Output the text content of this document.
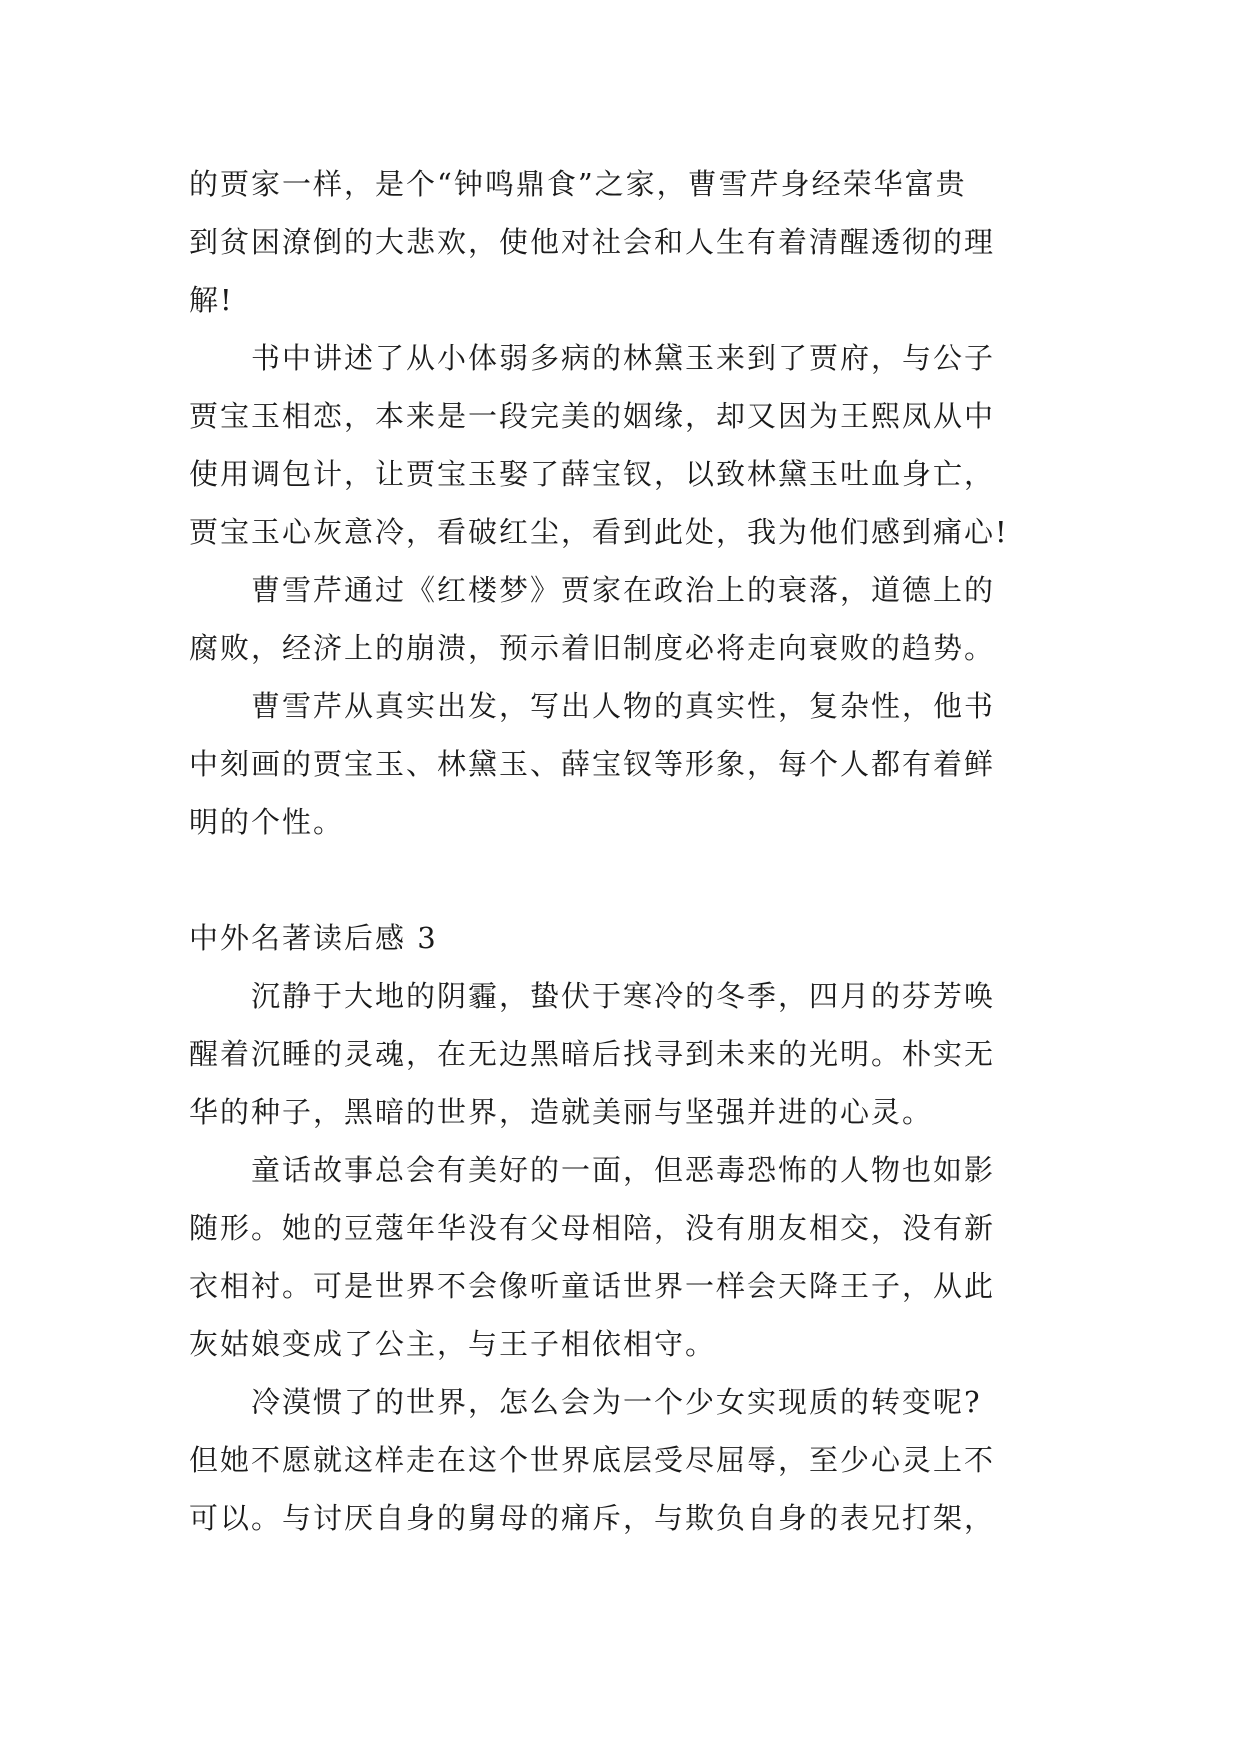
的贾家一样，是个“钟鸣鼎食”之家，曹雪芹身经荣华富贵
到贫困潦倒的大悲欢，使他对社会和人生有着清醒透彻的理
解!
书中讲述了从小体弱多病的林黛玉来到了贾府，与公子
贾宝玉相恋，本来是一段完美的姻缘，却又因为王熙凤从中
使用调包计，让贾宝玉娶了薛宝钗，以致林黛玉吐血身亡，
贾宝玉心灰意冷，看破红尘，看到此处，我为他们感到痛心!
曹雪芹通过《红楼梦》贾家在政治上的衰落，道德上的
腐败，经济上的崩溃，预示着旧制度必将走向衰败的趋势。
曹雪芹从真实出发，写出人物的真实性，复杂性，他书
中刻画的贾宝玉、林黛玉、薛宝钗等形象，每个人都有着鲜
明的个性。
中外名著读后感 3
沉静于大地的阴霾，蛰伏于寒冷的冬季，四月的芬芳唤
醒着沉睡的灵魂，在无边黑暗后找寻到未来的光明。朴实无
华的种子，黑暗的世界，造就美丽与坚强并进的心灵。
童话故事总会有美好的一面，但恶毒恐怖的人物也如影
随形。她的豆蔻年华没有父母相陪，没有朋友相交，没有新
衣相衬。可是世界不会像听童话世界一样会天降王子，从此
灰姑娘变成了公主，与王子相依相守。
冷漠惯了的世界，怎么会为一个少女实现质的转变呢?
但她不愿就这样走在这个世界底层受尽屈辱，至少心灵上不
可以。与讨厌自身的舅母的痛斥，与欺负自身的表兄打架，
